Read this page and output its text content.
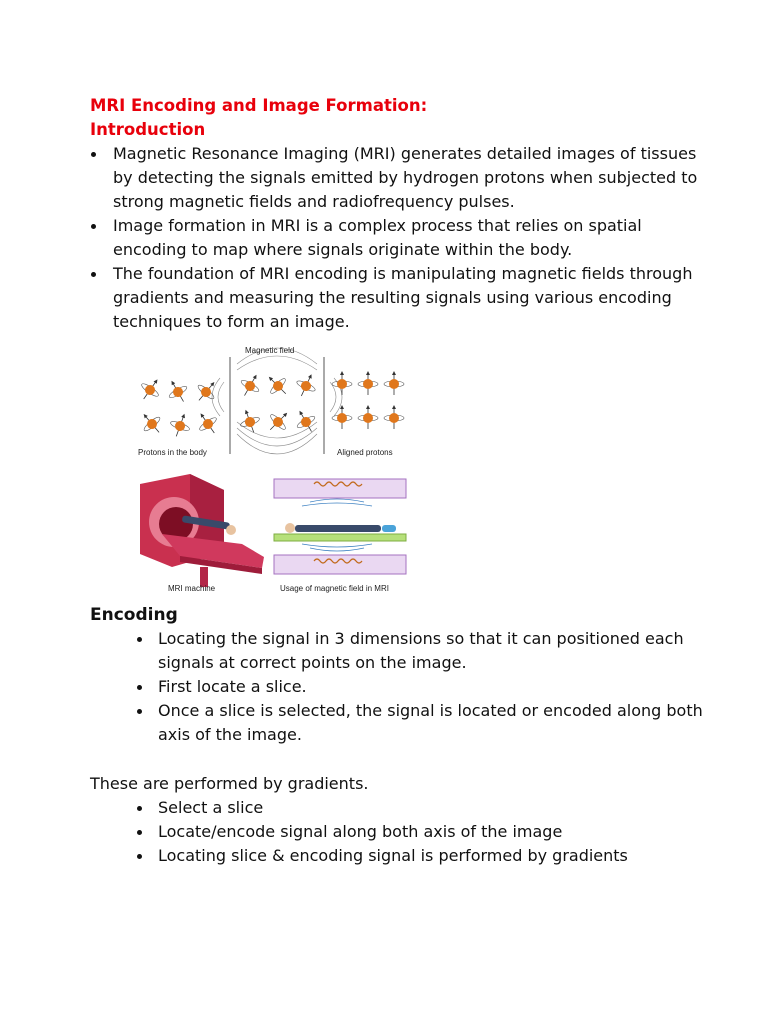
MRI Encoding and Image Formation:
Introduction
Magnetic Resonance Imaging (MRI) generates detailed images of tissues by detecting the signals emitted by hydrogen protons when subjected to strong magnetic fields and radiofrequency pulses.
Image formation in MRI is a complex process that relies on spatial encoding to map where signals originate within the body.
The foundation of MRI encoding is manipulating magnetic fields through gradients and measuring the resulting signals using various encoding techniques to form an image.
Magnetic field
Protons in the body	Aligned protons
MRI machine	Usage of magnetic field in MRI
Encoding
Locating the signal in 3 dimensions so that it can positioned each signals at correct points on the image.
First locate a slice.
Once a slice is selected, the signal is located or encoded along both axis of the image.
These are performed by gradients.
Select a slice
Locate/encode signal along both axis of the image
Locating slice & encoding signal is performed by gradients
